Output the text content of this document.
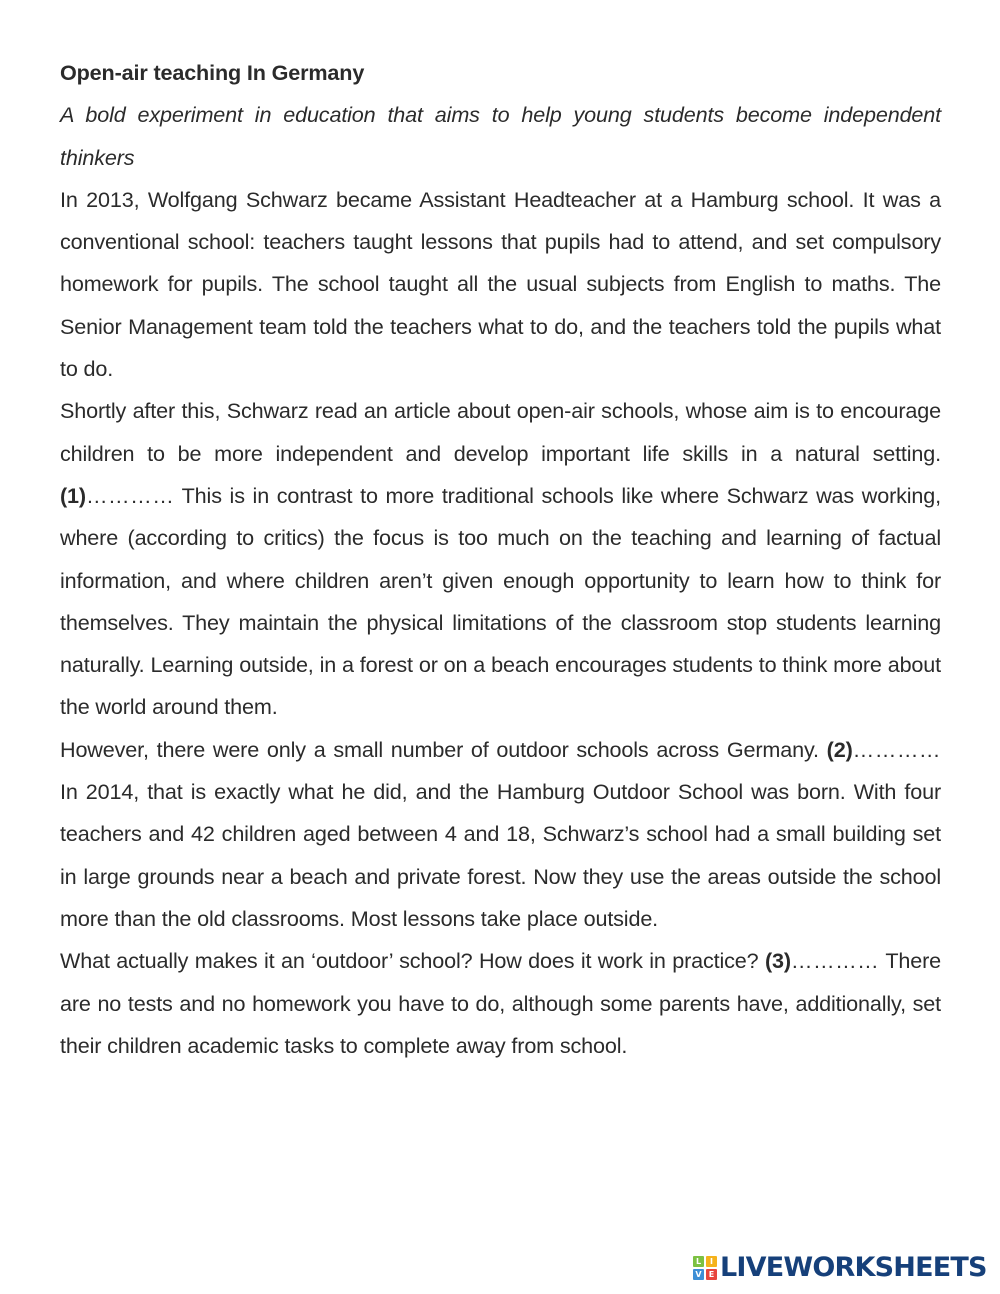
Open-air teaching In Germany

A bold experiment in education that aims to help young students become independent thinkers

In 2013, Wolfgang Schwarz became Assistant Headteacher at a Hamburg school. It was a conventional school: teachers taught lessons that pupils had to attend, and set compulsory homework for pupils. The school taught all the usual subjects from English to maths. The Senior Management team told the teachers what to do, and the teachers told the pupils what to do.

Shortly after this, Schwarz read an article about open-air schools, whose aim is to encourage children to be more independent and develop important life skills in a natural setting. (1)………… This is in contrast to more traditional schools like where Schwarz was working, where (according to critics) the focus is too much on the teaching and learning of factual information, and where children aren’t given enough opportunity to learn how to think for themselves. They maintain the physical limitations of the classroom stop students learning naturally. Learning outside, in a forest or on a beach encourages students to think more about the world around them.

However, there were only a small number of outdoor schools across Germany. (2)………… In 2014, that is exactly what he did, and the Hamburg Outdoor School was born. With four teachers and 42 children aged between 4 and 18, Schwarz’s school had a small building set in large grounds near a beach and private forest. Now they use the areas outside the school more than the old classrooms. Most lessons take place outside.

What actually makes it an ‘outdoor’ school? How does it work in practice? (3)………… There are no tests and no homework you have to do, although some parents have, additionally, set their children academic tasks to complete away from school.

L	I
V E LIVEWORKSHEETS
